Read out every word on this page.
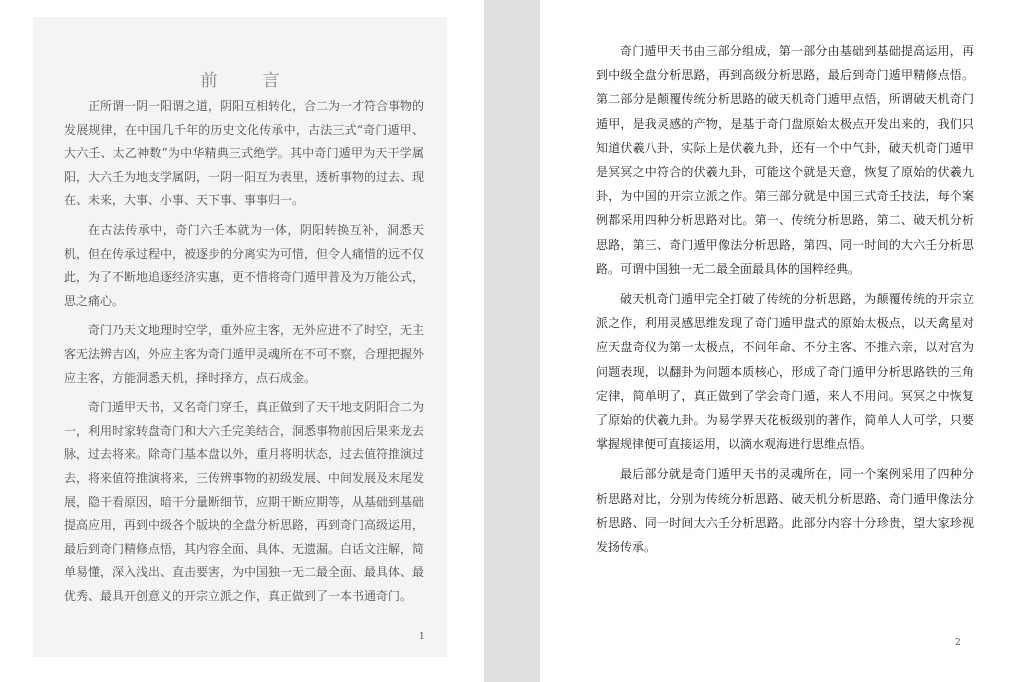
前　言

正所谓一阴一阳谓之道，阴阳互相转化，合二为一才符合事物的发展规律，在中国几千年的历史文化传承中，古法三式“奇门遁甲、大六壬、太乙神数”为中华精典三式绝学。其中奇门遁甲为天干学属阳，大六壬为地支学属阴，一阴一阳互为表里，透析事物的过去、现在、未来，大事、小事、天下事、事事归一。

在古法传承中，奇门六壬本就为一体，阴阳转换互补，洞悉天机，但在传承过程中，被逐步的分离实为可惜，但令人痛惜的远不仅此，为了不断地追逐经济实惠，更不惜将奇门遁甲普及为万能公式，思之痛心。

奇门乃天文地理时空学，重外应主客，无外应进不了时空，无主客无法辨吉凶，外应主客为奇门遁甲灵魂所在不可不察，合理把握外应主客，方能洞悉天机，择时择方，点石成金。

奇门遁甲天书，又名奇门穿壬，真正做到了天干地支阴阳合二为一，利用时家转盘奇门和大六壬完美结合，洞悉事物前因后果来龙去脉，过去将来。除奇门基本盘以外，重月将明状态，过去值符推演过去，将来值符推演将来，三传辨事物的初级发展、中间发展及末尾发展，隐干看原因，暗干分量断细节，应期干断应期等，从基础到基础提高应用，再到中级各个版块的全盘分析思路，再到奇门高级运用，最后到奇门精修点悟，其内容全面、具体、无遗漏。白话文注解，简单易懂，深入浅出、直击要害，为中国独一无二最全面、最具体、最优秀、最具开创意义的开宗立派之作，真正做到了一本书通奇门。

1

奇门遁甲天书由三部分组成，第一部分由基础到基础提高运用，再到中级全盘分析思路，再到高级分析思路，最后到奇门遁甲精修点悟。第二部分是颠覆传统分析思路的破天机奇门遁甲点悟，所谓破天机奇门遁甲，是我灵感的产物，是基于奇门盘原始太极点开发出来的，我们只知道伏羲八卦，实际上是伏羲九卦，还有一个中气卦，破天机奇门遁甲是冥冥之中符合的伏羲九卦，可能这个就是天意，恢复了原始的伏羲九卦，为中国的开宗立派之作。第三部分就是中国三式奇壬技法，每个案例都采用四种分析思路对比。第一、传统分析思路，第二、破天机分析思路，第三、奇门遁甲像法分析思路，第四、同一时间的大六壬分析思路。可谓中国独一无二最全面最具体的国粹经典。

破天机奇门遁甲完全打破了传统的分析思路，为颠覆传统的开宗立派之作，利用灵感思维发现了奇门遁甲盘式的原始太极点，以天禽星对应天盘奇仪为第一太极点，不问年命、不分主客、不推六亲，以对宫为问题表现，以翻卦为问题本质核心，形成了奇门遁甲分析思路铁的三角定律，简单明了，真正做到了学会奇门遁，来人不用问。冥冥之中恢复了原始的伏羲九卦。为易学界天花板级别的著作，简单人人可学，只要掌握规律便可直接运用，以滴水观海进行思维点悟。

最后部分就是奇门遁甲天书的灵魂所在，同一个案例采用了四种分析思路对比，分别为传统分析思路、破天机分析思路、奇门遁甲像法分析思路、同一时间大六壬分析思路。此部分内容十分珍贵，望大家珍视发扬传承。

2
